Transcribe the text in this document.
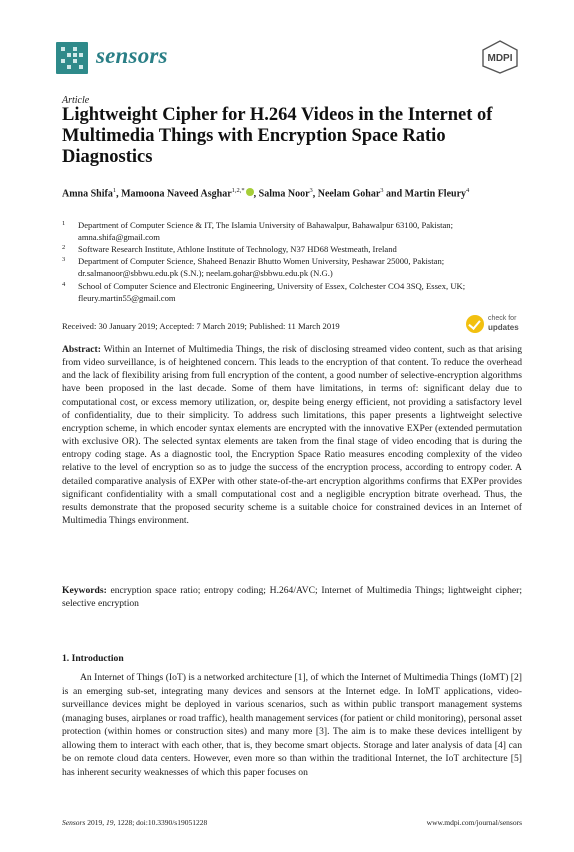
sensors	MDPI
Article
Lightweight Cipher for H.264 Videos in the Internet of Multimedia Things with Encryption Space Ratio Diagnostics
Amna Shifa$^1$, Mamoona Naveed Asghar$^{1,2,*}$ , Salma Noor$^3$, Neelam Gohar$^3$ and Martin Fleury$^4$
1 Department of Computer Science & IT, The Islamia University of Bahawalpur, Bahawalpur 63100, Pakistan; amna.shifa@gmail.com
2 Software Research Institute, Athlone Institute of Technology, N37 HD68 Westmeath, Ireland
3 Department of Computer Science, Shaheed Benazir Bhutto Women University, Peshawar 25000, Pakistan; dr.salmanoor@sbbwu.edu.pk (S.N.); neelam.gohar@sbbwu.edu.pk (N.G.)
4 School of Computer Science and Electronic Engineering, University of Essex, Colchester CO4 3SQ, Essex, UK; fleury.martin55@gmail.com
Received: 30 January 2019; Accepted: 7 March 2019; Published: 11 March 2019
check for
updates
Abstract: Within an Internet of Multimedia Things, the risk of disclosing streamed video content, such as that arising from video surveillance, is of heightened concern. This leads to the encryption of that content. To reduce the overhead and the lack of flexibility arising from full encryption of the content, a good number of selective-encryption algorithms have been proposed in the last decade. Some of them have limitations, in terms of: significant delay due to computational cost, or excess memory utilization, or, despite being energy efficient, not providing a satisfactory level of confidentiality, due to their simplicity. To address such limitations, this paper presents a lightweight selective encryption scheme, in which encoder syntax elements are encrypted with the innovative EXPer (extended permutation with exclusive OR). The selected syntax elements are taken from the final stage of video encoding that is during the entropy coding stage. As a diagnostic tool, the Encryption Space Ratio measures encoding complexity of the video relative to the level of encryption so as to judge the success of the encryption process, according to entropy coder. A detailed comparative analysis of EXPer with other state-of-the-art encryption algorithms confirms that EXPer provides significant confidentiality with a small computational cost and a negligible encryption bitrate overhead. Thus, the results demonstrate that the proposed security scheme is a suitable choice for constrained devices in an Internet of Multimedia Things environment.
Keywords: encryption space ratio; entropy coding; H.264/AVC; Internet of Multimedia Things; lightweight cipher; selective encryption
1. Introduction
An Internet of Things (IoT) is a networked architecture [1], of which the Internet of Multimedia Things (IoMT) [2] is an emerging sub-set, integrating many devices and sensors at the Internet edge. In IoMT applications, video-surveillance devices might be deployed in various scenarios, such as within public transport management systems (managing buses, airplanes or road traffic), health management services (for patient or child monitoring), personal asset protection (within homes or construction sites) and many more [3]. The aim is to make these devices intelligent by allowing them to interact with each other, that is, they become smart objects. Storage and later analysis of data [4] can be on remote cloud data centers. However, even more so than within the traditional Internet, the IoT architecture [5] has inherent security weaknesses of which this paper focuses on
Sensors 2019, 19, 1228; doi:10.3390/s19051228	www.mdpi.com/journal/sensors
